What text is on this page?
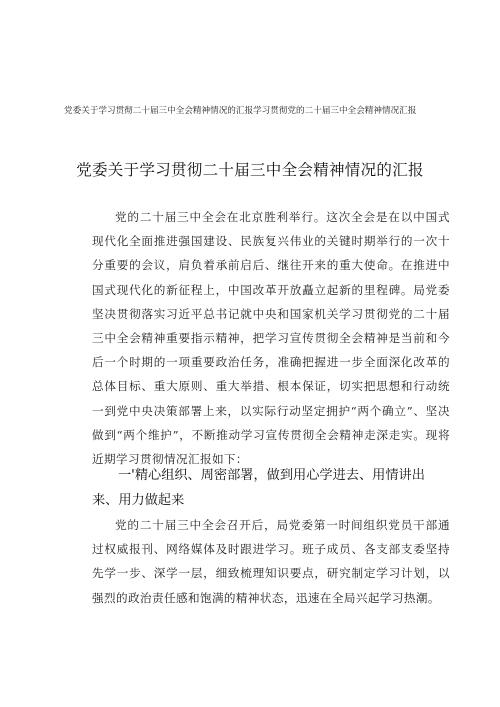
党委关于学习贯彻二十届三中全会精神情况的汇报学习贯彻党的二十届三中全会精神情况汇报
党委关于学习贯彻二十届三中全会精神情况的汇报

党的二十届三中全会在北京胜利举行。这次全会是在以中国式现代化全面推进强国建设、民族复兴伟业的关键时期举行的一次十分重要的会议，肩负着承前启后、继往开来的重大使命。在推进中国式现代化的新征程上，中国改革开放矗立起新的里程碑。局党委坚决贯彻落实习近平总书记就中央和国家机关学习贯彻党的二十届三中全会精神重要指示精神，把学习宣传贯彻全会精神是当前和今后一个时期的一项重要政治任务，准确把握进一步全面深化改革的总体目标、重大原则、重大举措、根本保证，切实把思想和行动统一到党中央决策部署上来，以实际行动坚定拥护“两个确立”、坚决做到“两个维护”，不断推动学习宣传贯彻全会精神走深走实。现将近期学习贯彻情况汇报如下：

一'精心组织、周密部署，做到用心学进去、用情讲出来、用力做起来

党的二十届三中全会召开后，局党委第一时间组织党员干部通过权威报刊、网络媒体及时跟进学习。班子成员、各支部支委坚持先学一步、深学一层，细致梳理知识要点，研究制定学习计划，以强烈的政治责任感和饱满的精神状态，迅速在全局兴起学习热潮。
